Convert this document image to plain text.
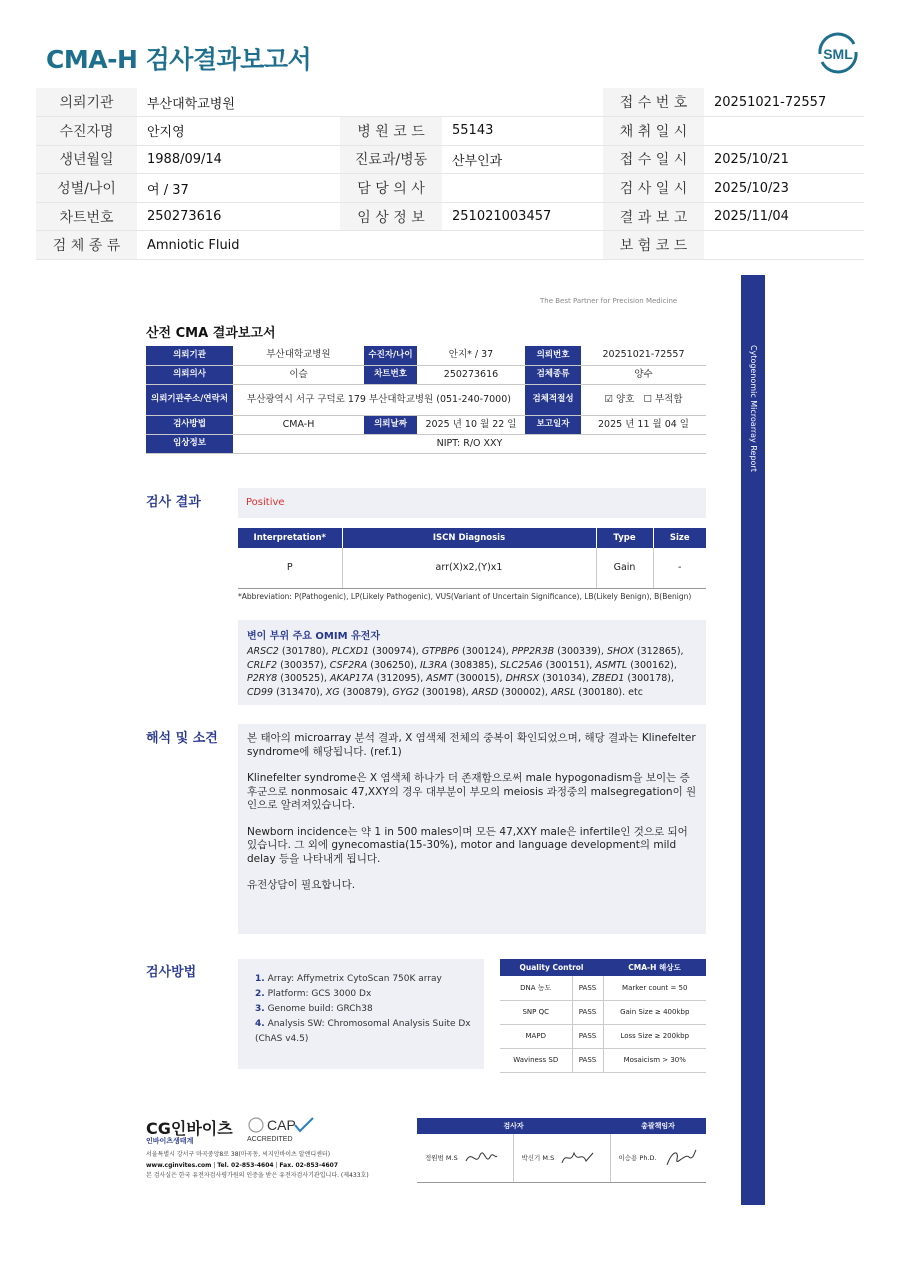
CMA-H 검사결과보고서	SML
의뢰기관	부산대학교병원			접 수 번 호	20251021-72557
수진자명	안지영	병 원 코 드	55143	채 취 일 시	
생년월일	1988/09/14	진료과/병동	산부인과	접 수 일 시	2025/10/21
성별/나이	여 / 37	담 당 의 사		검 사 일 시	2025/10/23
차트번호	250273616	임 상 정 보	251021003457	결 과 보 고	2025/11/04
검 체 종 류	Amniotic Fluid			보 험 코 드	
Cytogenomic Microarray Report
The Best Partner for Precision Medicine
산전 CMA 결과보고서
의뢰기관	부산대학교병원	수진자/나이	안지* / 37	의뢰번호	20251021-72557
의뢰의사	이슬	차트번호	250273616	검체종류	양수
의뢰기관주소/연락처	부산광역시 서구 구덕로 179 부산대학교병원 (051-240-7000)			검체적절성	☑ 양호 ☐ 부적합
검사방법	CMA-H	의뢰날짜	2025 년 10 월 22 일	보고일자	2025 년 11 월 04 일
임상정보	NIPT: R/O XXY				
검사 결과	Positive
Interpretation*	ISCN Diagnosis	Type	Size
P	arr(X)x2,(Y)x1	Gain	-
*Abbreviation: P(Pathogenic), LP(Likely Pathogenic), VUS(Variant of Uncertain Significance), LB(Likely Benign), B(Benign)
변이 부위 주요 OMIM 유전자
ARSC2 (301780), PLCXD1 (300974), GTPBP6 (300124), PPP2R3B (300339), SHOX (312865), CRLF2 (300357), CSF2RA (306250), IL3RA (308385), SLC25A6 (300151), ASMTL (300162), P2RY8 (300525), AKAP17A (312095), ASMT (300015), DHRSX (301034), ZBED1 (300178), CD99 (313470), XG (300879), GYG2 (300198), ARSD (300002), ARSL (300180). etc
해석 및 소견	본 태아의 microarray 분석 결과, X 염색체 전체의 중복이 확인되었으며, 해당 결과는 Klinefelter syndrome에 해당됩니다. (ref.1)

Klinefelter syndrome은 X 염색체 하나가 더 존재함으로써 male hypogonadism을 보이는 증후군으로 nonmosaic 47,XXY의 경우 대부분이 부모의 meiosis 과정중의 malsegregation이 원인으로 알려져있습니다.

Newborn incidence는 약 1 in 500 males이며 모든 47,XXY male은 infertile인 것으로 되어 있습니다. 그 외에 gynecomastia(15-30%), motor and language development의 mild delay 등을 나타내게 됩니다.

유전상담이 필요합니다.

검사방법	1. Array: Affymetrix CytoScan 750K array
2. Platform: GCS 3000 Dx
3. Genome build: GRCh38
4. Analysis SW: Chromosomal Analysis Suite Dx (ChAS v4.5)
Quality Control		CMA-H 해상도
DNA 농도	PASS	Marker count = 50
SNP QC	PASS	Gain Size ≥ 400kbp
MAPD	PASS	Loss Size ≥ 200kbp
Waviness SD	PASS	Mosaicism > 30%
CG인바이츠
인바이츠생태계
CAP
ACCREDITED
서울특별시 강서구 마곡중앙8로 38(마곡동, 씨지인바이츠 알앤디센터)
www.cginvites.com | Tel. 02-853-4604 | Fax. 02-853-4607
본 검사실은 한국 유전자검사평가원의 인증을 받은 유전자검사기관입니다. (제433호)
검사자		총괄책임자
정원범 M.S	박신기 M.S	이승용 Ph.D.
